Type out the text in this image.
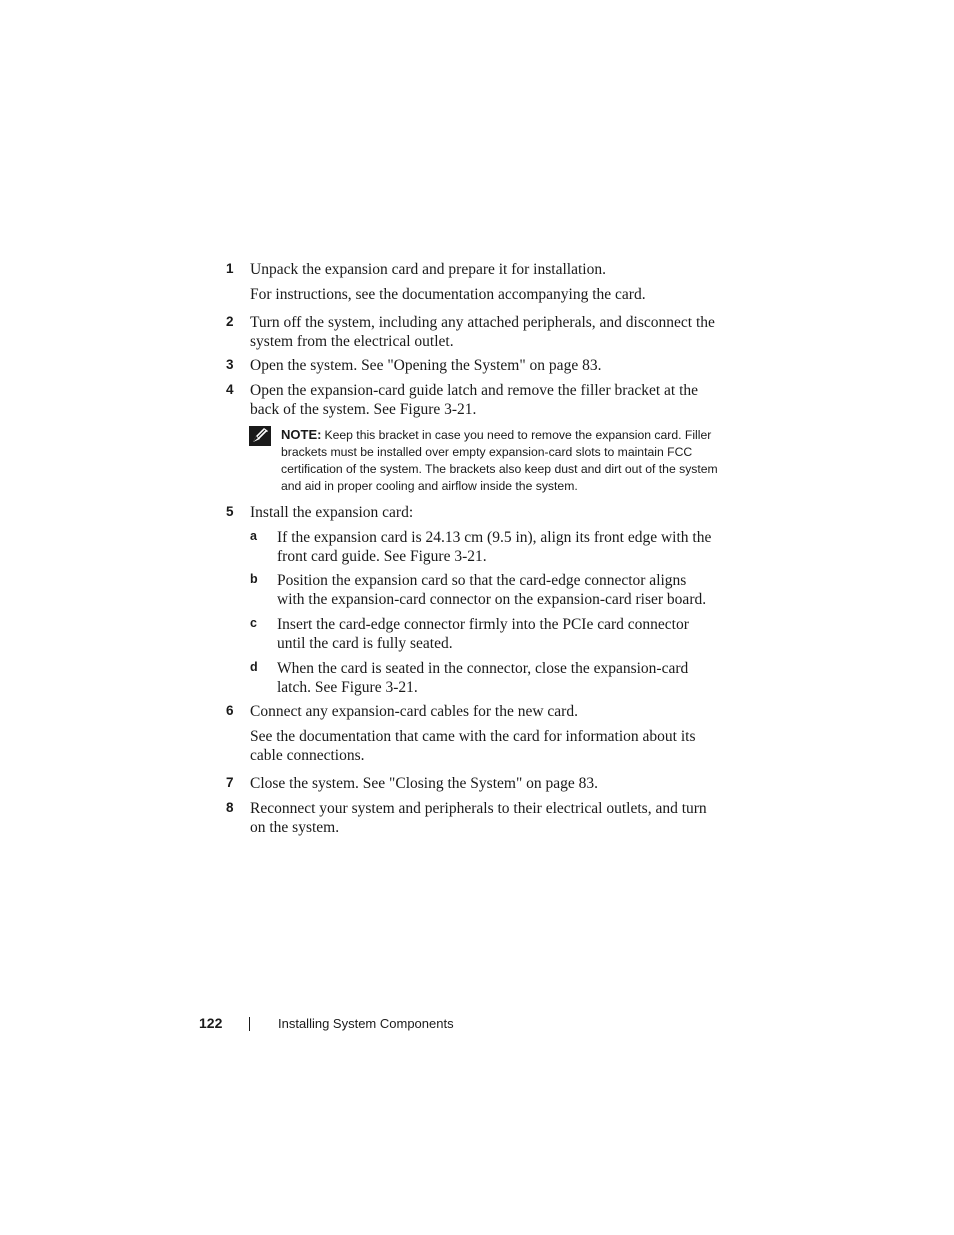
1 Unpack the expansion card and prepare it for installation.
For instructions, see the documentation accompanying the card.
2 Turn off the system, including any attached peripherals, and disconnect the system from the electrical outlet.
3 Open the system. See "Opening the System" on page 83.
4 Open the expansion-card guide latch and remove the filler bracket at the back of the system. See Figure 3-21.
NOTE: Keep this bracket in case you need to remove the expansion card. Filler brackets must be installed over empty expansion-card slots to maintain FCC certification of the system. The brackets also keep dust and dirt out of the system and aid in proper cooling and airflow inside the system.
5 Install the expansion card:
a If the expansion card is 24.13 cm (9.5 in), align its front edge with the front card guide. See Figure 3-21.
b Position the expansion card so that the card-edge connector aligns with the expansion-card connector on the expansion-card riser board.
c Insert the card-edge connector firmly into the PCIe card connector until the card is fully seated.
d When the card is seated in the connector, close the expansion-card latch. See Figure 3-21.
6 Connect any expansion-card cables for the new card.
See the documentation that came with the card for information about its cable connections.
7 Close the system. See "Closing the System" on page 83.
8 Reconnect your system and peripherals to their electrical outlets, and turn on the system.
122	Installing System Components
